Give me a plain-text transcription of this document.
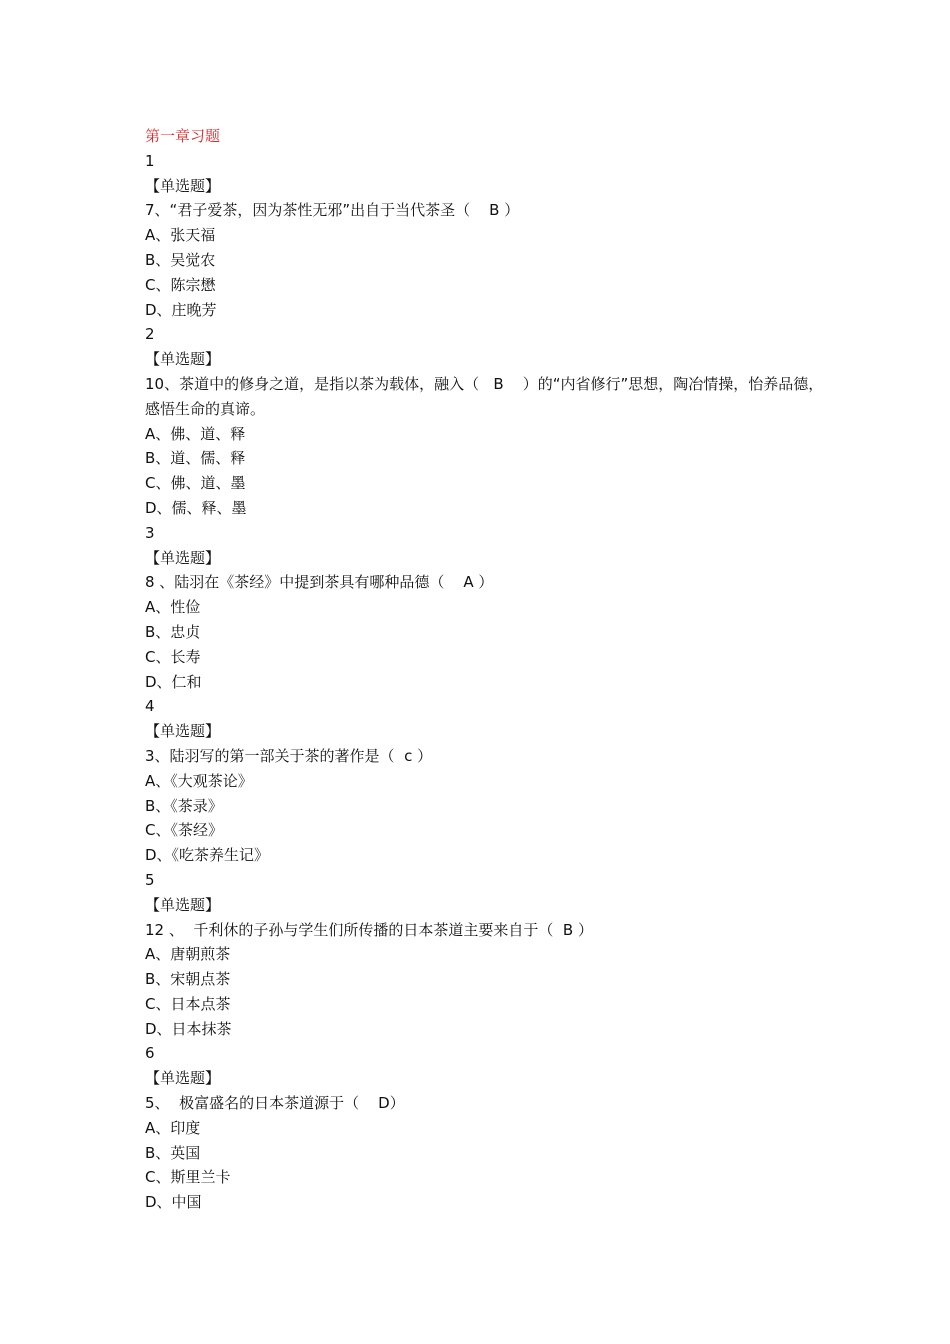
第一章习题

1

【单选题】

7、“君子爱茶，因为茶性无邪”出自于当代茶圣（    B ）

A、张天福

B、吴觉农

C、陈宗懋

D、庄晚芳

2

【单选题】

10、茶道中的修身之道，是指以茶为载体，融入（   B    ）的“内省修行”思想，陶冶情操，怡养品德，感悟生命的真谛。

A、佛、道、释

B、道、儒、释

C、佛、道、墨

D、儒、释、墨

3

【单选题】

8 、陆羽在《茶经》中提到茶具有哪种品德（    A ）

A、性俭

B、忠贞

C、长寿

D、仁和

4

【单选题】

3、陆羽写的第一部关于茶的著作是（  c ）

A、《大观茶论》

B、《茶录》

C、《茶经》

D、《吃茶养生记》

5

【单选题】

12 、  千利休的子孙与学生们所传播的日本茶道主要来自于（  B ）

A、唐朝煎茶

B、宋朝点茶

C、日本点茶

D、日本抹茶

6

【单选题】

5、  极富盛名的日本茶道源于（    D）

A、印度

B、英国

C、斯里兰卡

D、中国
